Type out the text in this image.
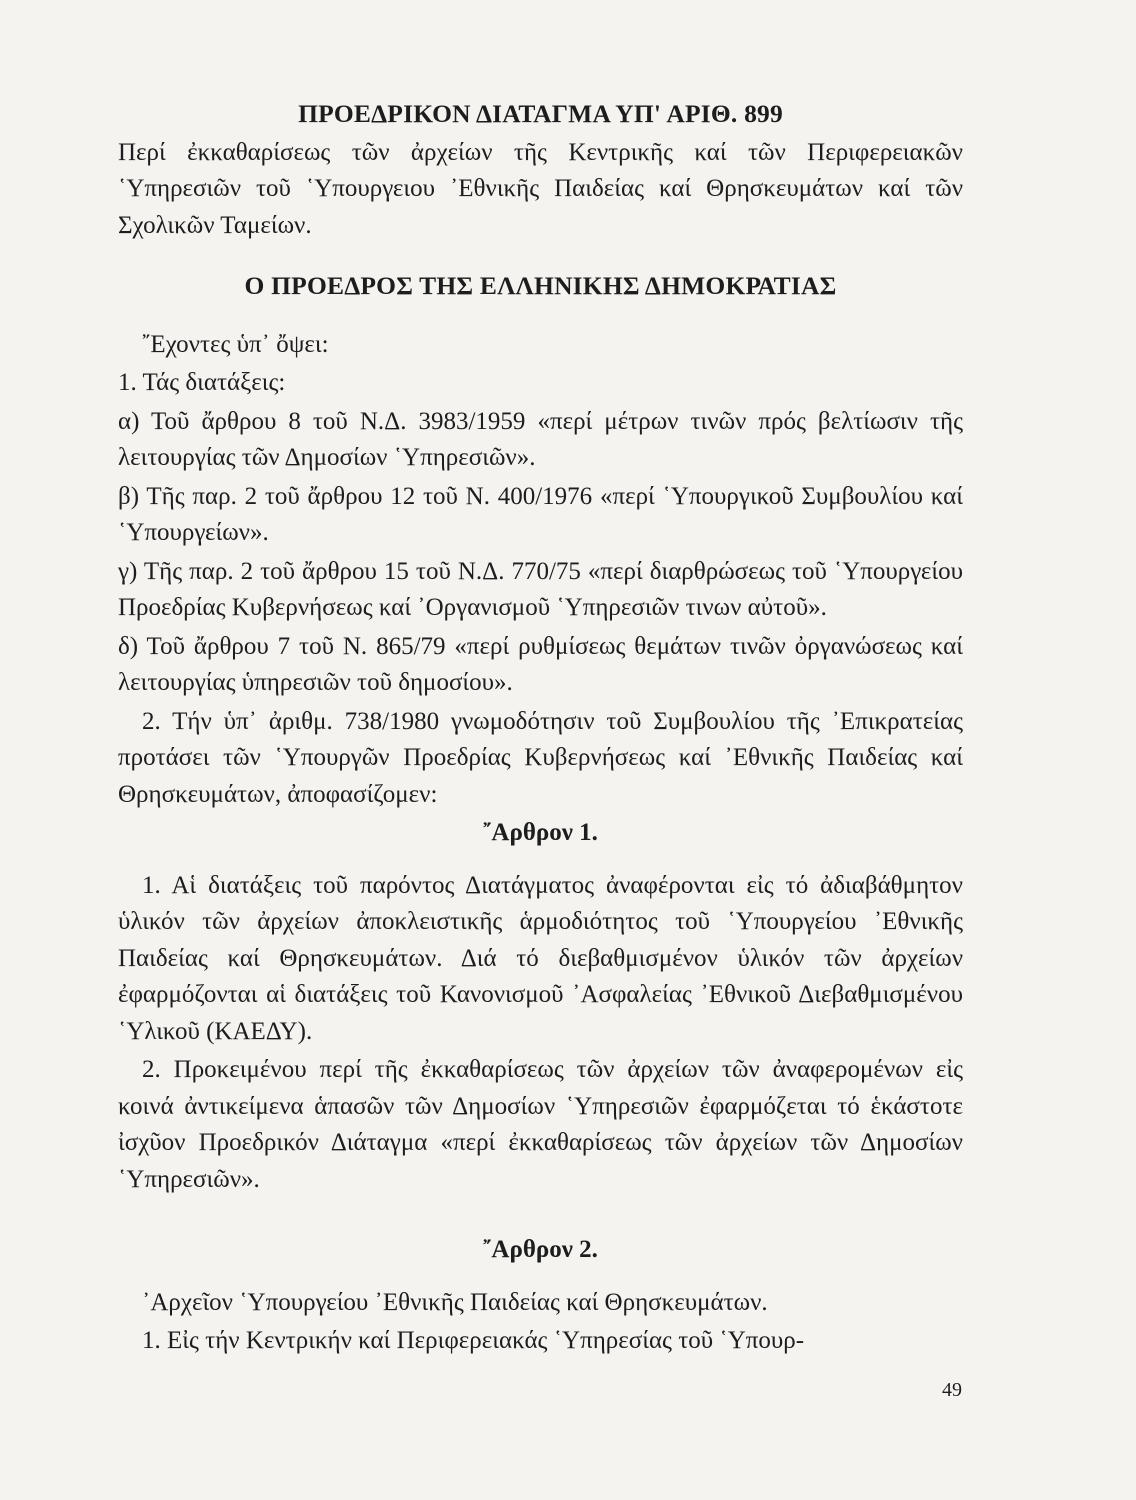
ΠΡΟΕΔΡΙΚΟΝ ΔΙΑΤΑΓΜΑ ΥΠ' ΑΡΙΘ. 899
Περί ἐκκαθαρίσεως τῶν ἀρχείων τῆς Κεντρικῆς καί τῶν Περιφερειακῶν ῾Υπηρεσιῶν τοῦ ῾Υπουργειου ᾽Εθνικῆς Παιδείας καί Θρησκευμάτων καί τῶν Σχολικῶν Ταμείων.
Ο ΠΡΟΕΔΡΟΣ ΤΗΣ ΕΛΛΗΝΙΚΗΣ ΔΗΜΟΚΡΑΤΙΑΣ
῎Εχοντες ὑπ᾽ ὄψει:
1. Τάς διατάξεις:
α) Τοῦ ἄρθρου 8 τοῦ Ν.Δ. 3983/1959 «περί μέτρων τινῶν πρός βελτίωσιν τῆς λειτουργίας τῶν Δημοσίων ῾Υπηρεσιῶν».
β) Τῆς παρ. 2 τοῦ ἄρθρου 12 τοῦ Ν. 400/1976 «περί ῾Υπουργικοῦ Συμβουλίου καί ῾Υπουργείων».
γ) Τῆς παρ. 2 τοῦ ἄρθρου 15 τοῦ Ν.Δ. 770/75 «περί διαρθρώσεως τοῦ ῾Υπουργείου Προεδρίας Κυβερνήσεως καί ᾽Οργανισμοῦ ῾Υπηρεσιῶν τινων αὐτοῦ».
δ) Τοῦ ἄρθρου 7 τοῦ Ν. 865/79 «περί ρυθμίσεως θεμάτων τινῶν ὀργανώσεως καί λειτουργίας ὑπηρεσιῶν τοῦ δημοσίου».
2. Τήν ὑπ᾽ ἀριθμ. 738/1980 γνωμοδότησιν τοῦ Συμβουλίου τῆς ᾽Επικρατείας προτάσει τῶν ῾Υπουργῶν Προεδρίας Κυβερνήσεως καί ᾽Εθνικῆς Παιδείας καί Θρησκευμάτων, ἀποφασίζομεν:
῎Αρθρον 1.
1. Αἱ διατάξεις τοῦ παρόντος Διατάγματος ἀναφέρονται εἰς τό ἀδιαβάθμητον ὑλικόν τῶν ἀρχείων ἀποκλειστικῆς ἁρμοδιότητος τοῦ ῾Υπουργείου ᾽Εθνικῆς Παιδείας καί Θρησκευμάτων. Διά τό διεβαθμισμένον ὑλικόν τῶν ἀρχείων ἐφαρμόζονται αἱ διατάξεις τοῦ Κανονισμοῦ ᾽Ασφαλείας ᾽Εθνικοῦ Διεβαθμισμένου ῾Υλικοῦ (ΚΑΕΔΥ).
2. Προκειμένου περί τῆς ἐκκαθαρίσεως τῶν ἀρχείων τῶν ἀναφερομένων εἰς κοινά ἀντικείμενα ἁπασῶν τῶν Δημοσίων ῾Υπηρεσιῶν ἐφαρμόζεται τό ἑκάστοτε ἰσχῦον Προεδρικόν Διάταγμα «περί ἐκκαθαρίσεως τῶν ἀρχείων τῶν Δημοσίων ῾Υπηρεσιῶν».
῎Αρθρον 2.
᾽Αρχεῖον ῾Υπουργείου ᾽Εθνικῆς Παιδείας καί Θρησκευμάτων.
1. Εἰς τήν Κεντρικήν καί Περιφερειακάς ῾Υπηρεσίας τοῦ ῾Υπουρ-
49
